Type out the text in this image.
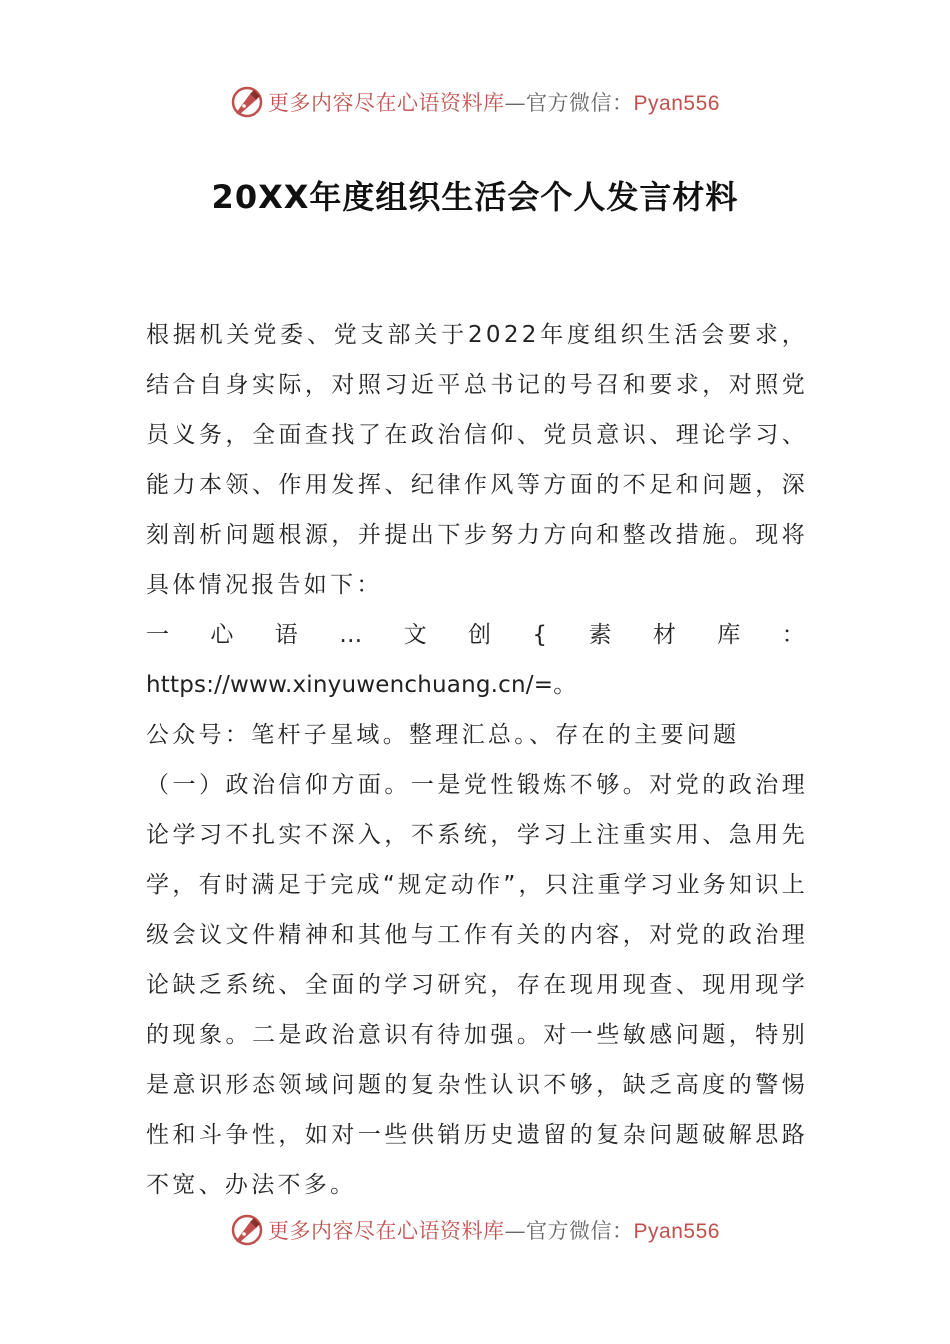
更多内容尽在心语资料库—官方微信：Pyan556
20XX年度组织生活会个人发言材料

根据机关党委、党支部关于2022年度组织生活会要求，结合自身实际，对照习近平总书记的号召和要求，对照党员义务，全面查找了在政治信仰、党员意识、理论学习、能力本领、作用发挥、纪律作风等方面的不足和问题，深刻剖析问题根源，并提出下步努力方向和整改措施。现将具体情况报告如下：

一心语…文创{素材库：https://www.xinyuwenchuang.cn/=。

公众号：笔杆子星域。整理汇总。、存在的主要问题

（一）政治信仰方面。一是党性锻炼不够。对党的政治理论学习不扎实不深入，不系统，学习上注重实用、急用先学，有时满足于完成“规定动作”，只注重学习业务知识上级会议文件精神和其他与工作有关的内容，对党的政治理论缺乏系统、全面的学习研究，存在现用现查、现用现学的现象。二是政治意识有待加强。对一些敏感问题，特别是意识形态领域问题的复杂性认识不够，缺乏高度的警惕性和斗争性，如对一些供销历史遗留的复杂问题破解思路不宽、办法不多。

更多内容尽在心语资料库—官方微信：Pyan556
